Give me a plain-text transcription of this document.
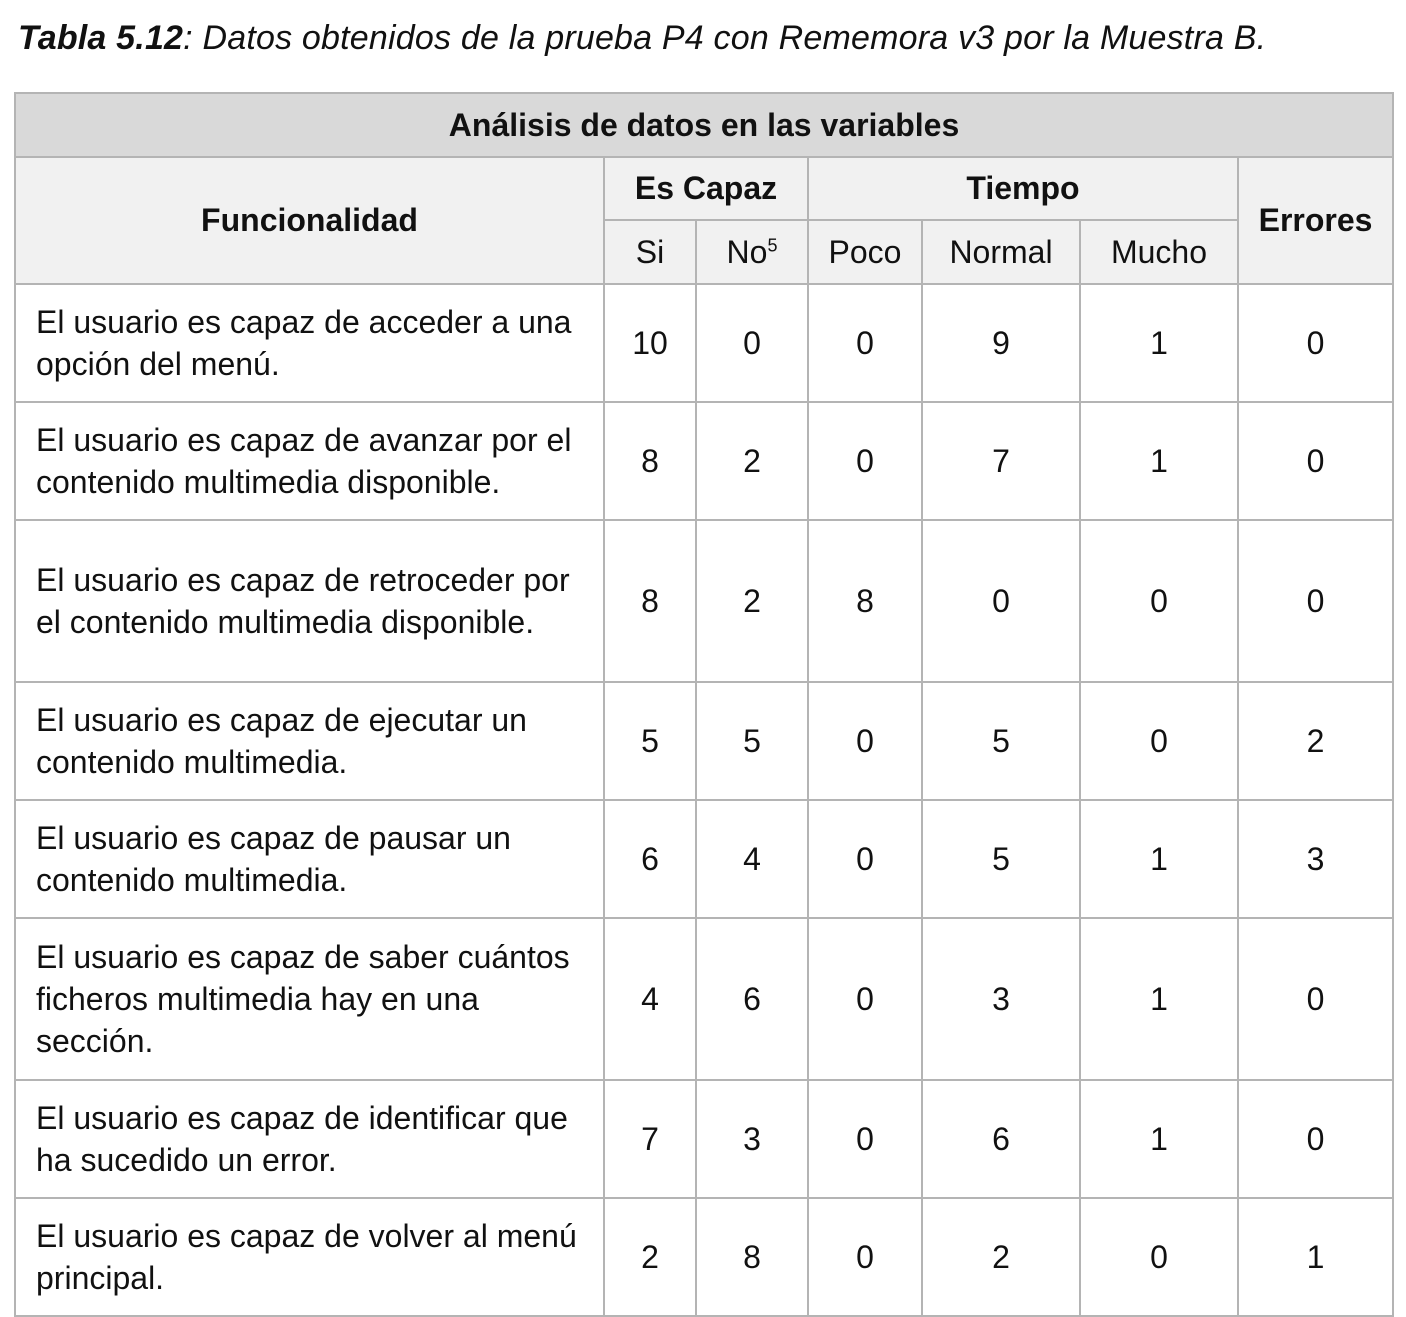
Tabla 5.12: Datos obtenidos de la prueba P4 con Rememora v3 por la Muestra B.
Análisis de datos en las variables						
Funcionalidad	Es Capaz		Tiempo			Errores
	Si	No$^5$	Poco	Normal	Mucho	
El usuario es capaz de acceder a una opción del menú.	10	0	0	9	1	0
El usuario es capaz de avanzar por el contenido multimedia disponible.	8	2	0	7	1	0
El usuario es capaz de retroceder por el contenido multimedia disponible.	8	2	8	0	0	0
El usuario es capaz de ejecutar un contenido multimedia.	5	5	0	5	0	2
El usuario es capaz de pausar un contenido multimedia.	6	4	0	5	1	3
El usuario es capaz de saber cuántos ficheros multimedia hay en una sección.	4	6	0	3	1	0
El usuario es capaz de identificar que ha sucedido un error.	7	3	0	6	1	0
El usuario es capaz de volver al menú principal.	2	8	0	2	0	1
